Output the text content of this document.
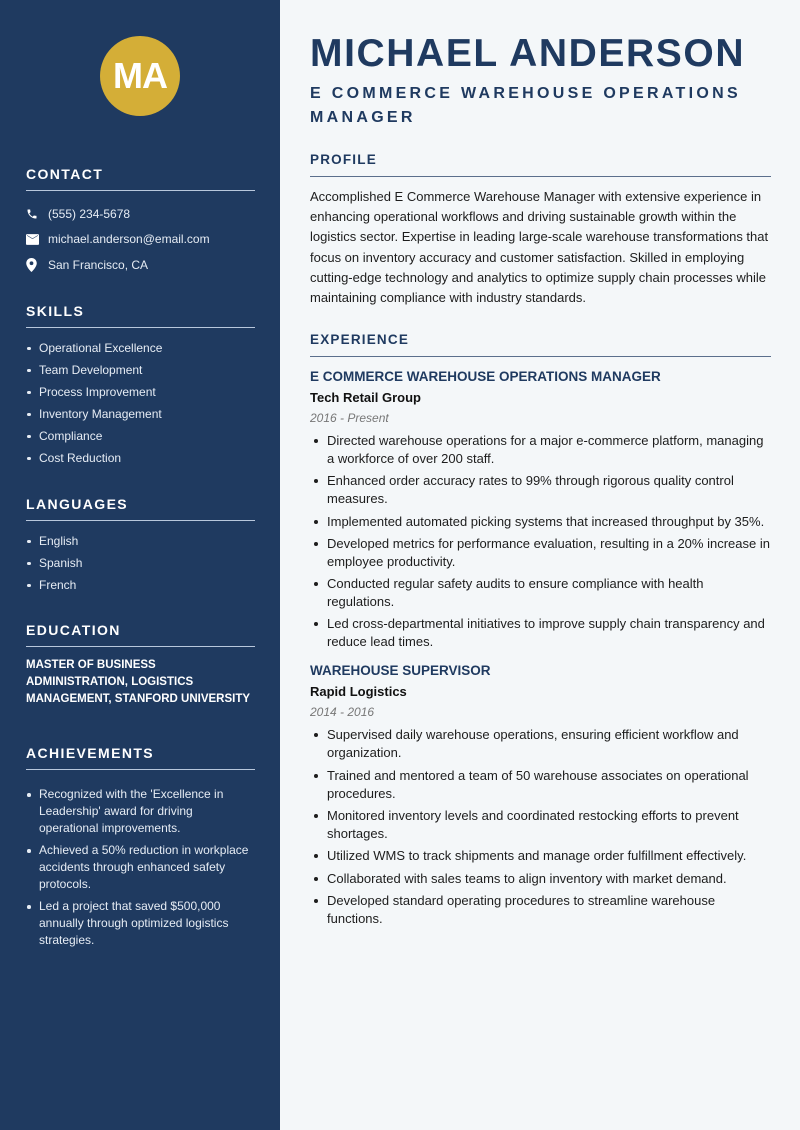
MA
CONTACT
(555) 234-5678
michael.anderson@email.com
San Francisco, CA
SKILLS
Operational Excellence
Team Development
Process Improvement
Inventory Management
Compliance
Cost Reduction
LANGUAGES
English
Spanish
French
EDUCATION

MASTER OF BUSINESS ADMINISTRATION, LOGISTICS MANAGEMENT, STANFORD UNIVERSITY

ACHIEVEMENTS
Recognized with the 'Excellence in Leadership' award for driving operational improvements.
Achieved a 50% reduction in workplace accidents through enhanced safety protocols.
Led a project that saved $500,000 annually through optimized logistics strategies.
MICHAEL ANDERSON
E COMMERCE WAREHOUSE OPERATIONS MANAGER
PROFILE

Accomplished E Commerce Warehouse Manager with extensive experience in enhancing operational workflows and driving sustainable growth within the logistics sector. Expertise in leading large-scale warehouse transformations that focus on inventory accuracy and customer satisfaction. Skilled in employing cutting-edge technology and analytics to optimize supply chain processes while maintaining compliance with industry standards.

EXPERIENCE
E COMMERCE WAREHOUSE OPERATIONS MANAGER
Tech Retail Group
2016 - Present
Directed warehouse operations for a major e-commerce platform, managing a workforce of over 200 staff.
Enhanced order accuracy rates to 99% through rigorous quality control measures.
Implemented automated picking systems that increased throughput by 35%.
Developed metrics for performance evaluation, resulting in a 20% increase in employee productivity.
Conducted regular safety audits to ensure compliance with health regulations.
Led cross-departmental initiatives to improve supply chain transparency and reduce lead times.
WAREHOUSE SUPERVISOR
Rapid Logistics
2014 - 2016
Supervised daily warehouse operations, ensuring efficient workflow and organization.
Trained and mentored a team of 50 warehouse associates on operational procedures.
Monitored inventory levels and coordinated restocking efforts to prevent shortages.
Utilized WMS to track shipments and manage order fulfillment effectively.
Collaborated with sales teams to align inventory with market demand.
Developed standard operating procedures to streamline warehouse functions.
